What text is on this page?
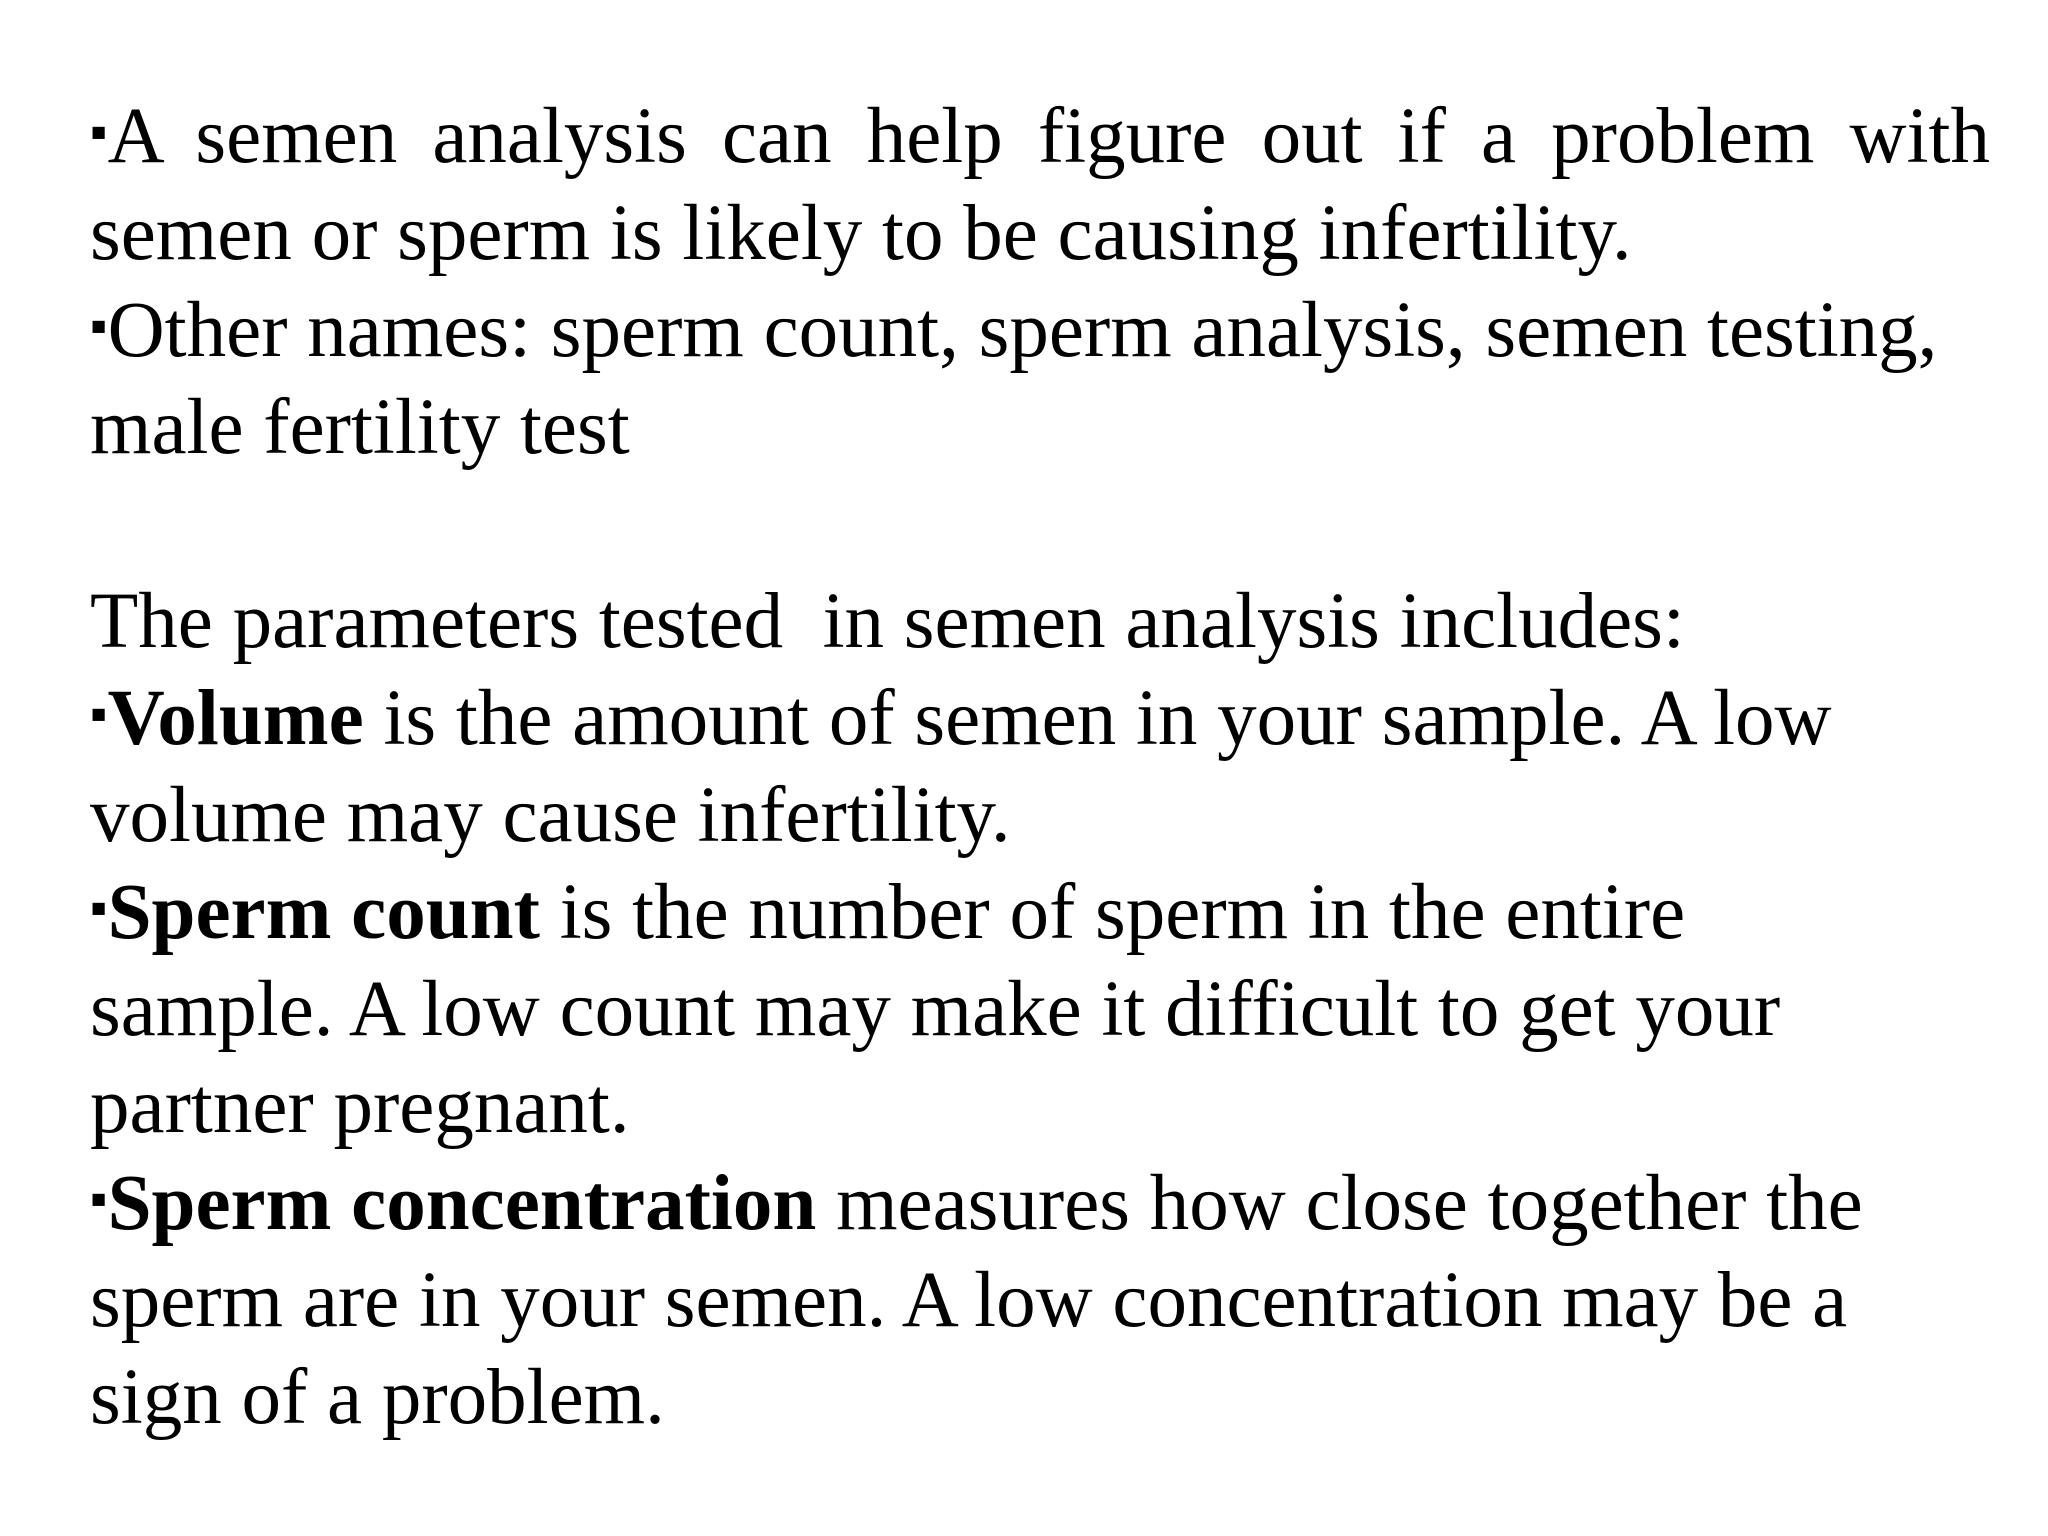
▪A semen analysis can help figure out if a problem with
semen or sperm is likely to be causing infertility.
▪Other names: sperm count, sperm analysis, semen testing,
male fertility test
The parameters tested  in semen analysis includes:
▪Volume is the amount of semen in your sample. A low
volume may cause infertility.
▪Sperm count is the number of sperm in the entire
sample. A low count may make it difficult to get your
partner pregnant.
▪Sperm concentration measures how close together the
sperm are in your semen. A low concentration may be a
sign of a problem.
